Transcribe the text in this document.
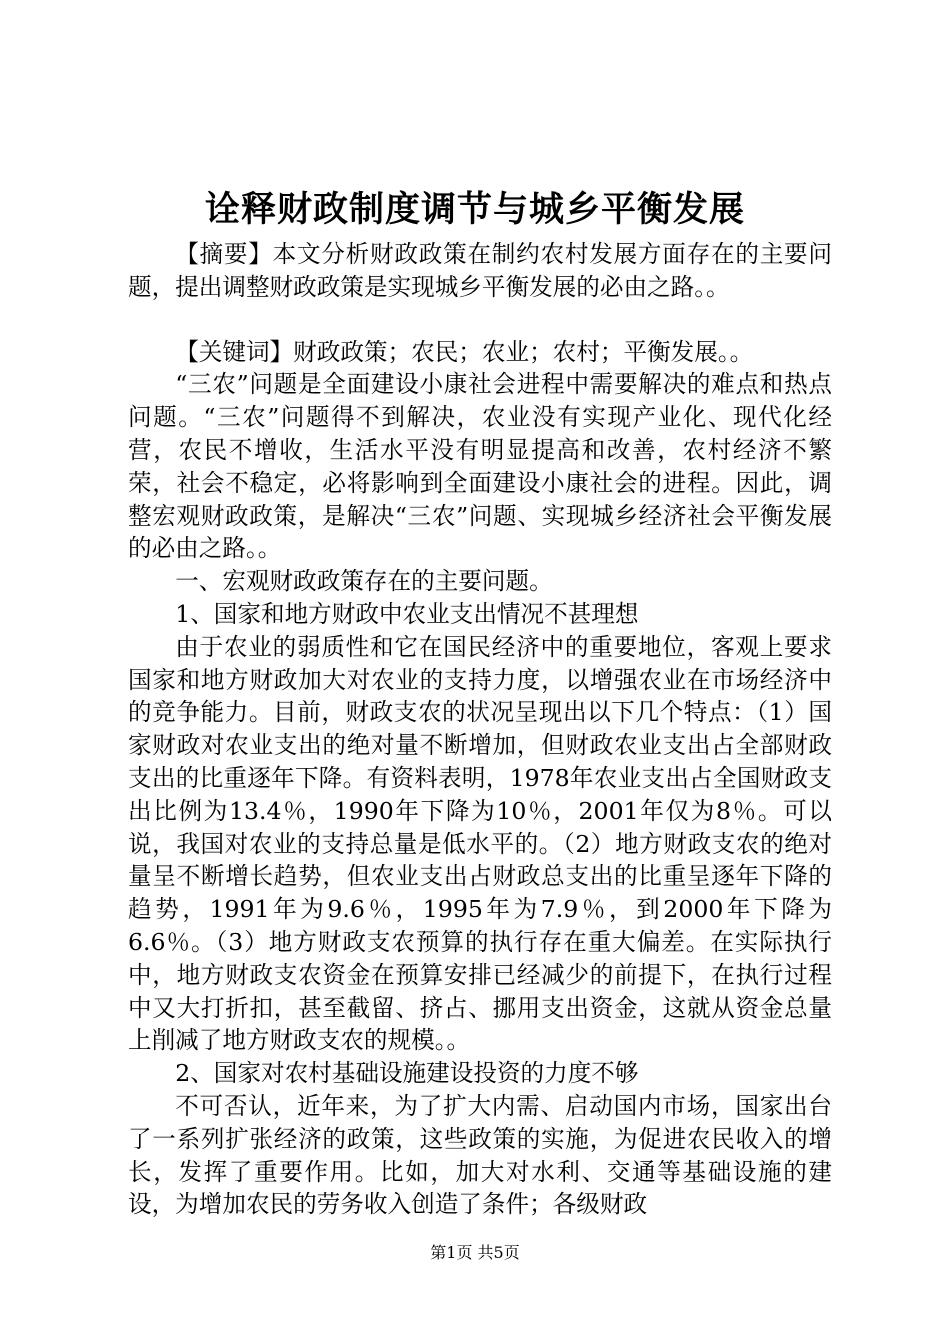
诠释财政制度调节与城乡平衡发展

【摘要】本文分析财政政策在制约农村发展方面存在的主要问题，提出调整财政政策是实现城乡平衡发展的必由之路。。

【关键词】财政政策；农民；农业；农村；平衡发展。。

“三农”问题是全面建设小康社会进程中需要解决的难点和热点问题。“三农”问题得不到解决，农业没有实现产业化、现代化经营，农民不增收，生活水平没有明显提高和改善，农村经济不繁荣，社会不稳定，必将影响到全面建设小康社会的进程。因此，调整宏观财政政策，是解决“三农”问题、实现城乡经济社会平衡发展的必由之路。。

一、宏观财政政策存在的主要问题。

1、国家和地方财政中农业支出情况不甚理想

由于农业的弱质性和它在国民经济中的重要地位，客观上要求国家和地方财政加大对农业的支持力度，以增强农业在市场经济中的竞争能力。目前，财政支农的状况呈现出以下几个特点：（1）国家财政对农业支出的绝对量不断增加，但财政农业支出占全部财政支出的比重逐年下降。有资料表明，1978年农业支出占全国财政支出比例为13.4％，1990年下降为10％，2001年仅为8％。可以说，我国对农业的支持总量是低水平的。（2）地方财政支农的绝对量呈不断增长趋势，但农业支出占财政总支出的比重呈逐年下降的趋势，1991年为9.6％，1995年为7.9％，到2000年下降为6.6％。（3）地方财政支农预算的执行存在重大偏差。在实际执行中，地方财政支农资金在预算安排已经减少的前提下，在执行过程中又大打折扣，甚至截留、挤占、挪用支出资金，这就从资金总量上削减了地方财政支农的规模。。

2、国家对农村基础设施建设投资的力度不够

不可否认，近年来，为了扩大内需、启动国内市场，国家出台了一系列扩张经济的政策，这些政策的实施，为促进农民收入的增长，发挥了重要作用。比如，加大对水利、交通等基础设施的建设，为增加农民的劳务收入创造了条件；各级财政

第1页 共5页
